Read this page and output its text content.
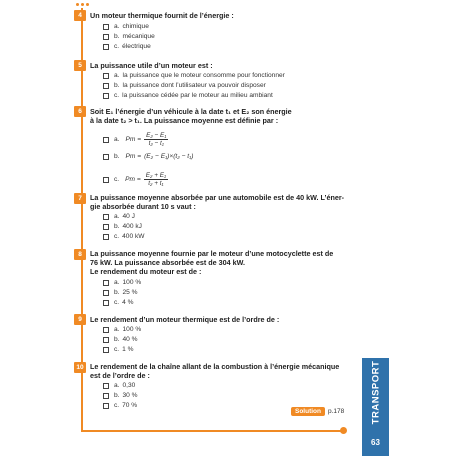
4	Un moteur thermique fournit de l’énergie :
a. chimique
b. mécanique
c. électrique
5	La puissance utile d’un moteur est :
a. la puissance que le moteur consomme pour fonctionner
b. la puissance dont l’utilisateur va pouvoir disposer
c. la puissance cédée par le moteur au milieu ambiant
6	Soit E₁ l’énergie d’un véhicule à la date t₁ et E₂ son énergie
à la date t₂ > t₁. La puissance moyenne est définie par :
a. $Pm = \frac{\text{E₂ − E₁}}{\text{t₂ − t₁}}$
b. Pm = (E₂ − E₁)×(t₂ − t₁)
c. $Pm = \frac{\text{E₂ + E₁}}{\text{t₂ + t₁}}$
7	La puissance moyenne absorbée par une automobile est de 40 kW. L’éner-
gie absorbée durant 10 s vaut :
a. 40 J
b. 400 kJ
c. 400 kW
8	La puissance moyenne fournie par le moteur d’une motocyclette est de
76 kW. La puissance absorbée est de 304 kW.
Le rendement du moteur est de :
a. 100 %
b. 25 %
c. 4 %
9	Le rendement d’un moteur thermique est de l’ordre de :
a. 100 %
b. 40 %
c. 1 %
10 Le rendement de la chaîne allant de la combustion à l’énergie mécanique
est de l’ordre de :
a. 0,30
b. 30 %
c. 70 %
Solution	p.178	TRANSPORT
63
